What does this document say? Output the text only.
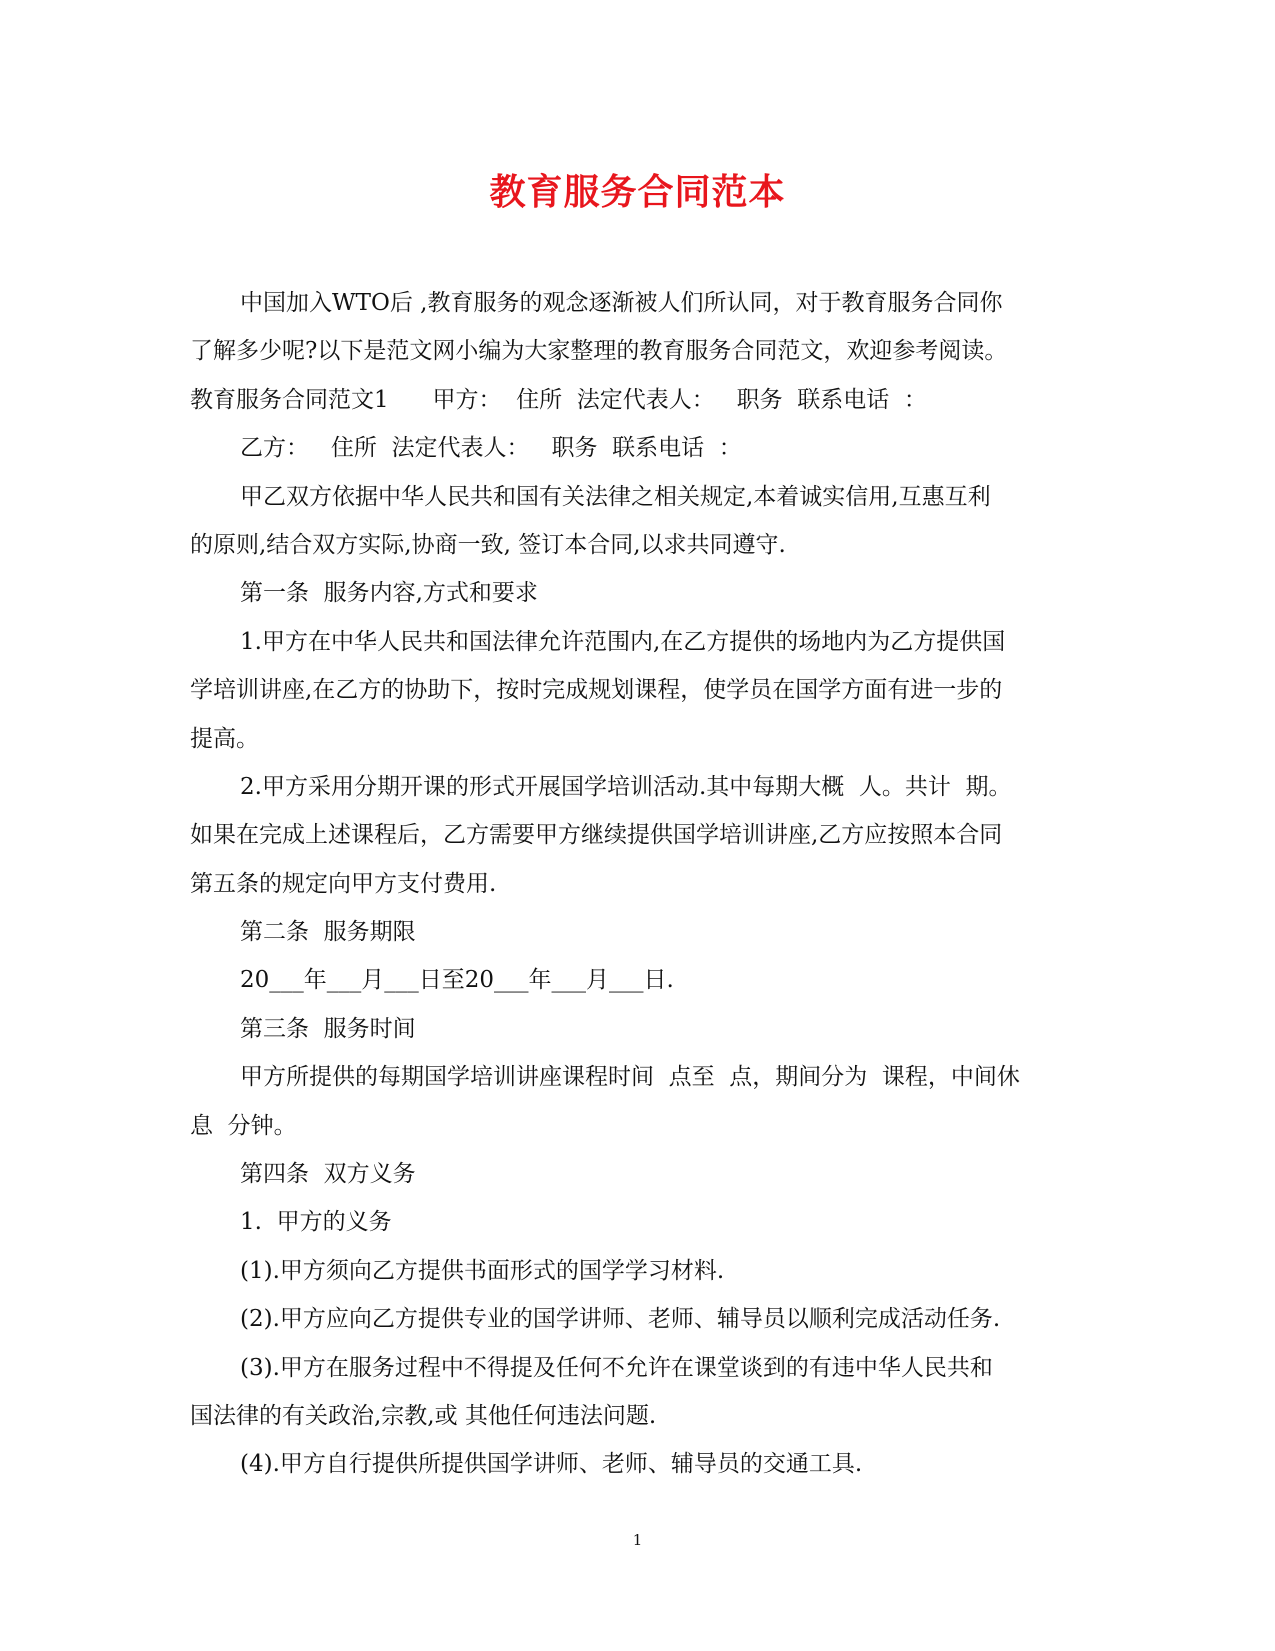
教育服务合同范本
中国加入WTO后 ,教育服务的观念逐渐被人们所认同，对于教育服务合同你
了解多少呢?以下是范文网小编为大家整理的教育服务合同范文，欢迎参考阅读。
教育服务合同范文1      甲方：  住所  法定代表人：   职务  联系电话  ：
乙方：   住所  法定代表人：   职务  联系电话  ：
甲乙双方依据中华人民共和国有关法律之相关规定,本着诚实信用,互惠互利
的原则,结合双方实际,协商一致, 签订本合同,以求共同遵守.
第一条  服务内容,方式和要求
1.甲方在中华人民共和国法律允许范围内,在乙方提供的场地内为乙方提供国
学培训讲座,在乙方的协助下，按时完成规划课程，使学员在国学方面有进一步的
提高。
2.甲方采用分期开课的形式开展国学培训活动.其中每期大概  人。共计  期。
如果在完成上述课程后，乙方需要甲方继续提供国学培训讲座,乙方应按照本合同
第五条的规定向甲方支付费用.
第二条  服务期限
20___年___月___日至20___年___月___日.
第三条  服务时间
甲方所提供的每期国学培训讲座课程时间  点至  点，期间分为  课程，中间休
息  分钟。
第四条  双方义务
1.  甲方的义务
(1).甲方须向乙方提供书面形式的国学学习材料.
(2).甲方应向乙方提供专业的国学讲师、老师、辅导员以顺利完成活动任务.
(3).甲方在服务过程中不得提及任何不允许在课堂谈到的有违中华人民共和
国法律的有关政治,宗教,或 其他任何违法问题.
(4).甲方自行提供所提供国学讲师、老师、辅导员的交通工具.
1
